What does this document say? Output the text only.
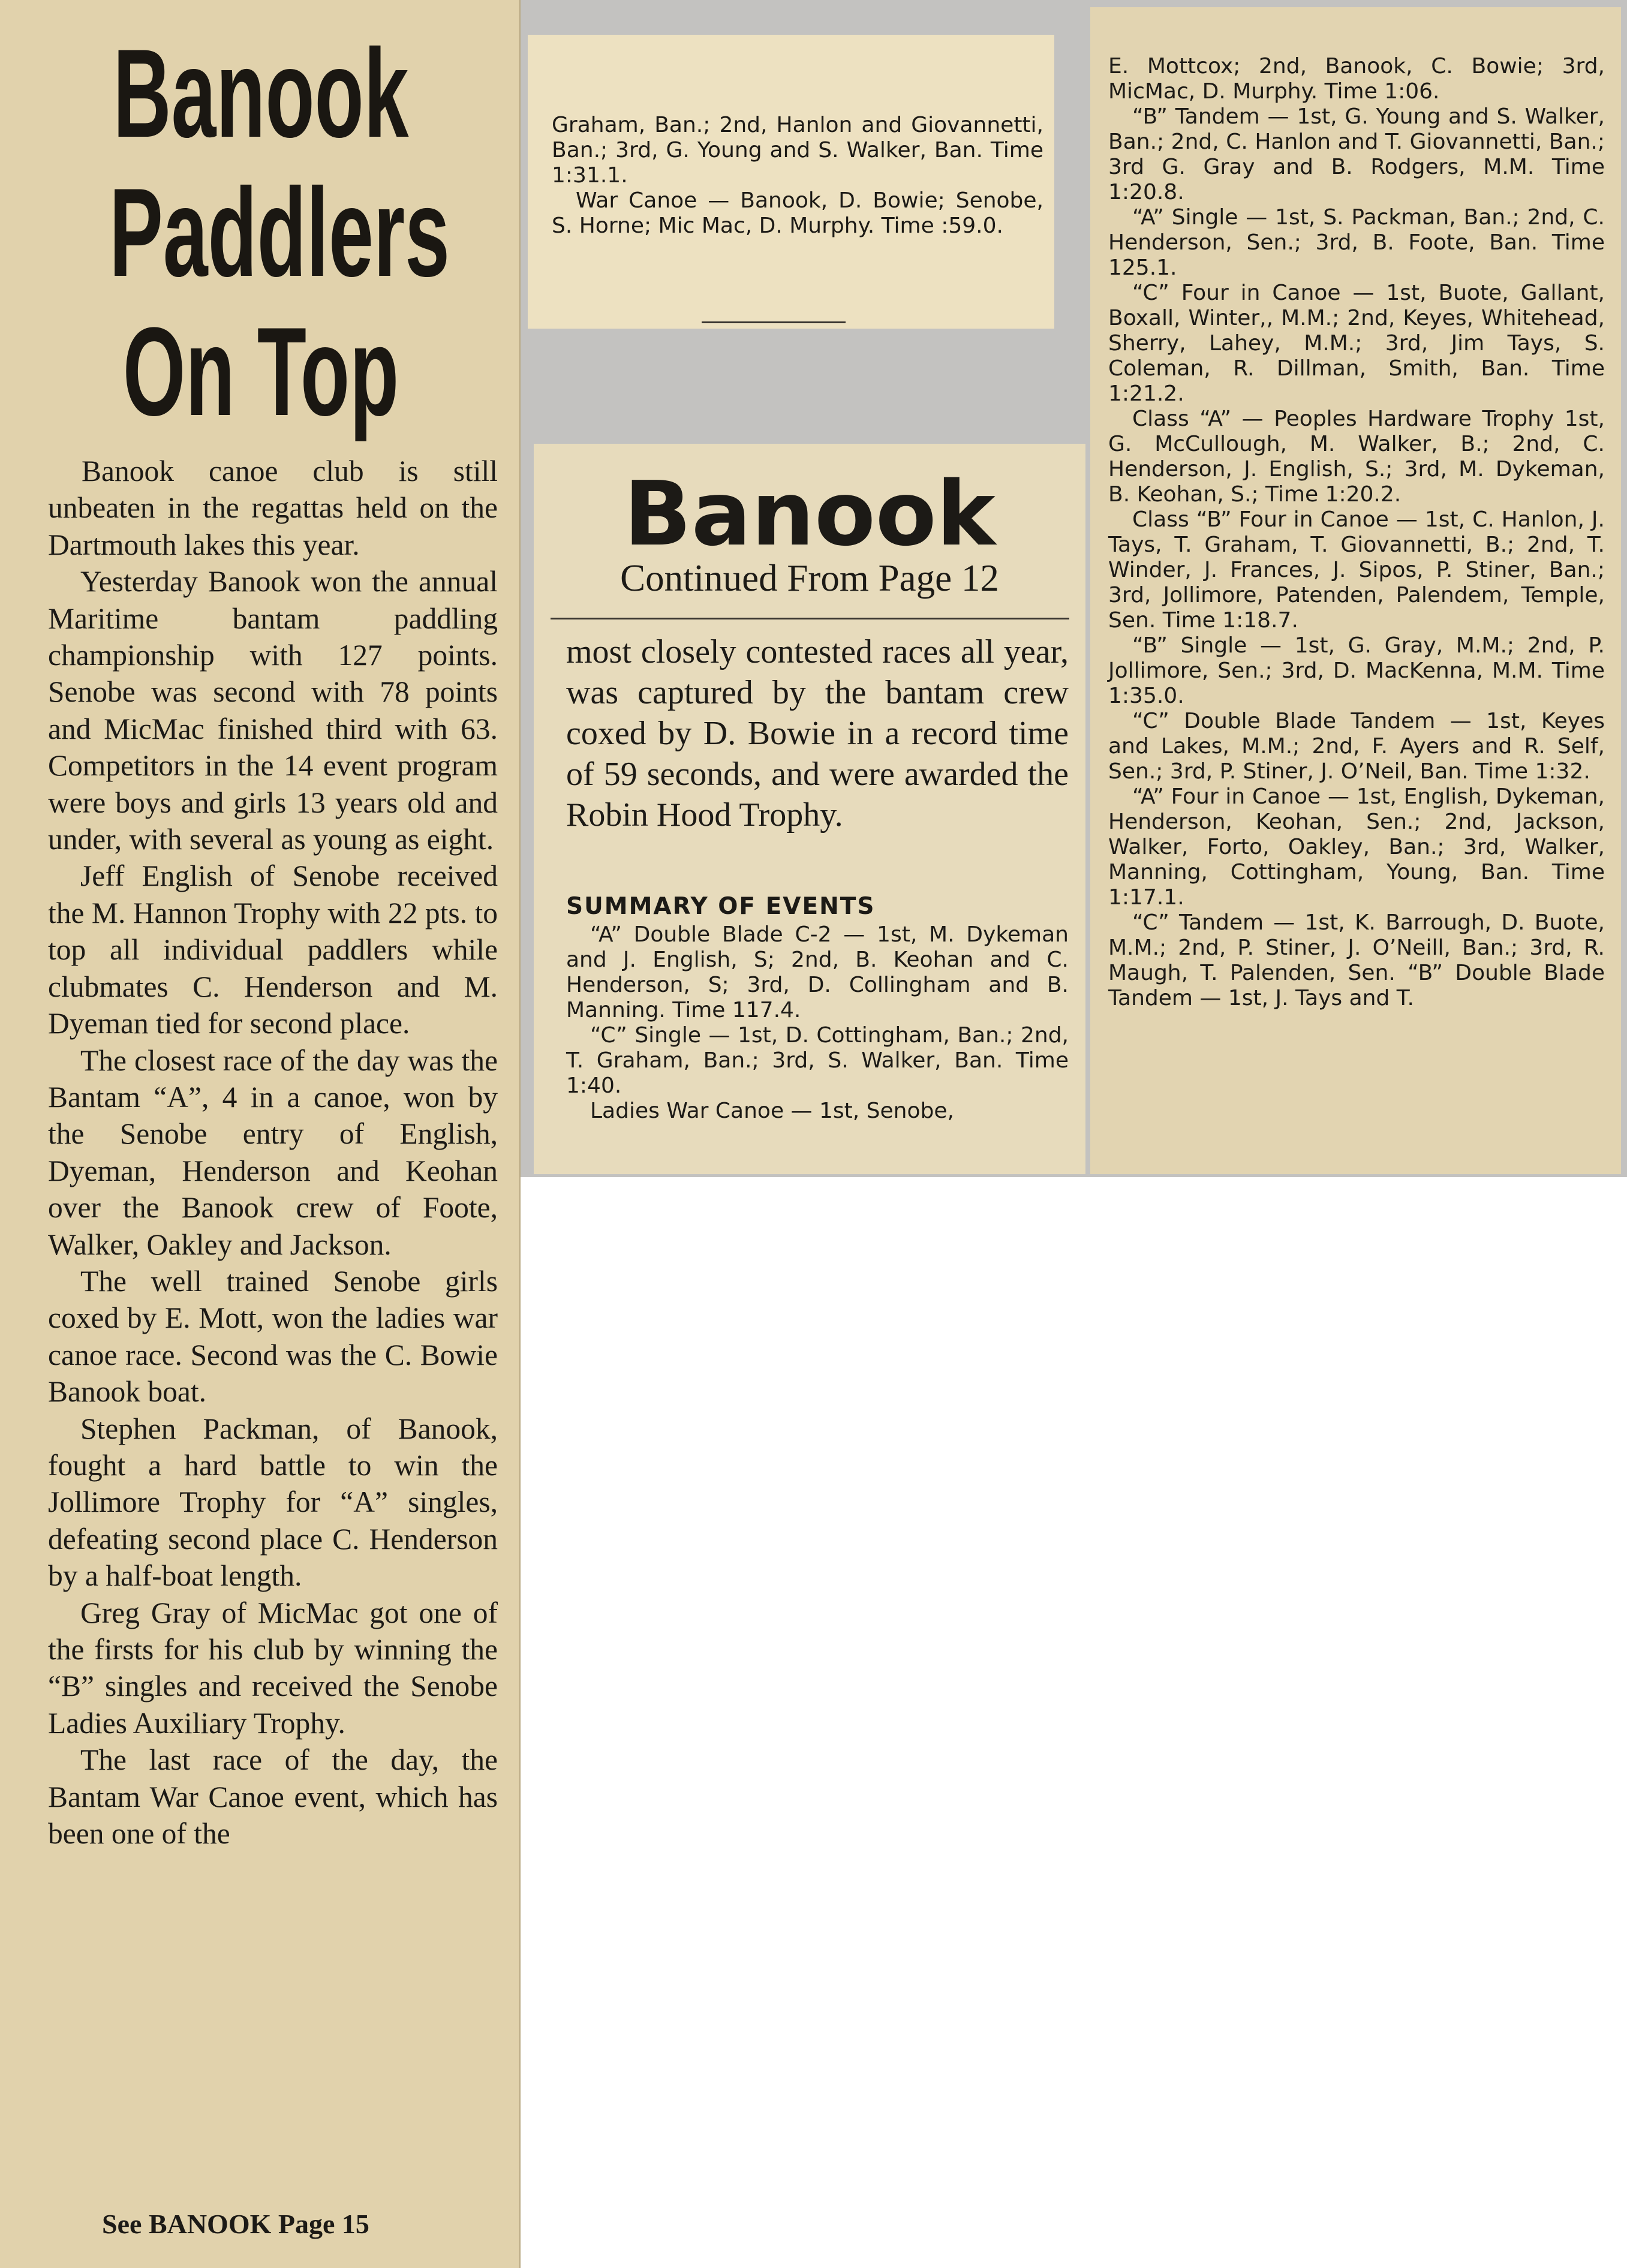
Banook Paddlers On Top

Banook canoe club is still unbeaten in the regattas held on the Dartmouth lakes this year.

Yesterday Banook won the annual Maritime bantam paddling championship with 127 points. Senobe was second with 78 points and MicMac finished third with 63. Competitors in the 14 event program were boys and girls 13 years old and under, with several as young as eight.

Jeff English of Senobe received the M. Hannon Trophy with 22 pts. to top all individual paddlers while clubmates C. Henderson and M. Dyeman tied for second place.

The closest race of the day was the Bantam “A”, 4 in a canoe, won by the Senobe entry of English, Dyeman, Henderson and Keohan over the Banook crew of Foote, Walker, Oakley and Jackson.

The well trained Senobe girls coxed by E. Mott, won the ladies war canoe race. Second was the C. Bowie Banook boat.

Stephen Packman, of Banook, fought a hard battle to win the Jollimore Trophy for “A” singles, defeating second place C. Henderson by a half-boat length.

Greg Gray of MicMac got one of the firsts for his club by winning the “B” singles and received the Senobe Ladies Auxiliary Trophy.

The last race of the day, the Bantam War Canoe event, which has been one of the

See BANOOK Page 15

Graham, Ban.; 2nd, Hanlon and Giovannetti, Ban.; 3rd, G. Young and S. Walker, Ban. Time 1:31.1.

War Canoe — Banook, D. Bowie; Senobe, S. Horne; Mic Mac, D. Murphy. Time :59.0.

Banook

Continued From Page 12

most closely contested races all year, was captured by the bantam crew coxed by D. Bowie in a record time of 59 seconds, and were awarded the Robin Hood Trophy.

SUMMARY OF EVENTS

“A” Double Blade C-2 — 1st, M. Dykeman and J. English, S; 2nd, B. Keohan and C. Henderson, S; 3rd, D. Collingham and B. Manning. Time 117.4.

“C” Single — 1st, D. Cottingham, Ban.; 2nd, T. Graham, Ban.; 3rd, S. Walker, Ban. Time 1:40.

Ladies War Canoe — 1st, Senobe,

E. Mottcox; 2nd, Banook, C. Bowie; 3rd, MicMac, D. Murphy. Time 1:06.

“B” Tandem — 1st, G. Young and S. Walker, Ban.; 2nd, C. Hanlon and T. Giovannetti, Ban.; 3rd G. Gray and B. Rodgers, M.M. Time 1:20.8.

“A” Single — 1st, S. Packman, Ban.; 2nd, C. Henderson, Sen.; 3rd, B. Foote, Ban. Time 125.1.

“C” Four in Canoe — 1st, Buote, Gallant, Boxall, Winter,, M.M.; 2nd, Keyes, Whitehead, Sherry, Lahey, M.M.; 3rd, Jim Tays, S. Coleman, R. Dillman, Smith, Ban. Time 1:21.2.

Class “A” — Peoples Hardware Trophy 1st, G. McCullough, M. Walker, B.; 2nd, C. Henderson, J. English, S.; 3rd, M. Dykeman, B. Keohan, S.; Time 1:20.2.

Class “B” Four in Canoe — 1st, C. Hanlon, J. Tays, T. Graham, T. Giovannetti, B.; 2nd, T. Winder, J. Frances, J. Sipos, P. Stiner, Ban.; 3rd, Jollimore, Patenden, Palendem, Temple, Sen. Time 1:18.7.

“B” Single — 1st, G. Gray, M.M.; 2nd, P. Jollimore, Sen.; 3rd, D. MacKenna, M.M. Time 1:35.0.

“C” Double Blade Tandem — 1st, Keyes and Lakes, M.M.; 2nd, F. Ayers and R. Self, Sen.; 3rd, P. Stiner, J. O’Neil, Ban. Time 1:32.

“A” Four in Canoe — 1st, English, Dykeman, Henderson, Keohan, Sen.; 2nd, Jackson, Walker, Forto, Oakley, Ban.; 3rd, Walker, Manning, Cottingham, Young, Ban. Time 1:17.1.

“C” Tandem — 1st, K. Barrough, D. Buote, M.M.; 2nd, P. Stiner, J. O’Neill, Ban.; 3rd, R. Maugh, T. Palenden, Sen. “B” Double Blade Tandem — 1st, J. Tays and T.
